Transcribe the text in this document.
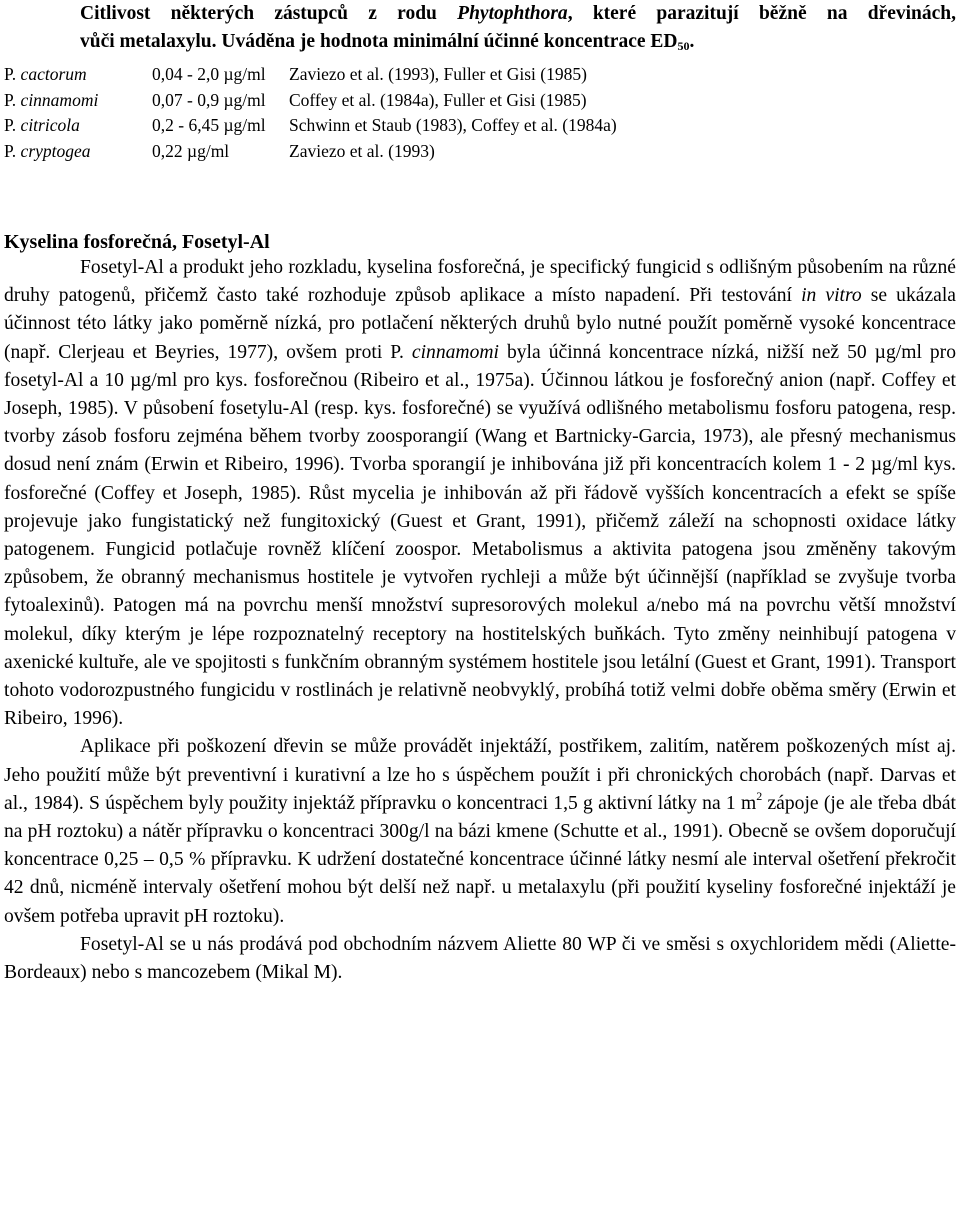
Citlivost některých zástupců z rodu Phytophthora, které parazitují běžně na dřevinách,
vůči metalaxylu. Uváděna je hodnota minimální účinné koncentrace $ED_{50}$.
P. cactorum	0,04 - 2,0 µg/ml Zaviezo et al. (1993), Fuller et Gisi (1985)
P. cinnamomi	0,07 - 0,9 µg/ml Coffey et al. (1984a), Fuller et Gisi (1985)
P. citricola	0,2 - 6,45 µg/ml Schwinn et Staub (1983), Coffey et al. (1984a)
P. cryptogea	0,22 µg/ml	Zaviezo et al. (1993)
Kyselina fosforečná, Fosetyl-Al

Fosetyl-Al a produkt jeho rozkladu, kyselina fosforečná, je specifický fungicid s odlišným působením na různé druhy patogenů, přičemž často také rozhoduje způsob aplikace a místo napadení. Při testování in vitro se ukázala účinnost této látky jako poměrně nízká, pro potlačení některých druhů bylo nutné použít poměrně vysoké koncentrace (např. Clerjeau et Beyries, 1977), ovšem proti P. cinnamomi byla účinná koncentrace nízká, nižší než 50 µg/ml pro fosetyl-Al a 10 µg/ml pro kys. fosforečnou (Ribeiro et al., 1975a). Účinnou látkou je fosforečný anion (např. Coffey et Joseph, 1985). V působení fosetylu-Al (resp. kys. fosforečné) se využívá odlišného metabolismu fosforu patogena, resp. tvorby zásob fosforu zejména během tvorby zoosporangií (Wang et Bartnicky-Garcia, 1973), ale přesný mechanismus dosud není znám (Erwin et Ribeiro, 1996). Tvorba sporangií je inhibována již při koncentracích kolem 1 - 2 µg/ml kys. fosforečné (Coffey et Joseph, 1985). Růst mycelia je inhibován až při řádově vyšších koncentracích a efekt se spíše projevuje jako fungistatický než fungitoxický (Guest et Grant, 1991), přičemž záleží na schopnosti oxidace látky patogenem. Fungicid potlačuje rovněž klíčení zoospor. Metabolismus a aktivita patogena jsou změněny takovým způsobem, že obranný mechanismus hostitele je vytvořen rychleji a může být účinnější (například se zvyšuje tvorba fytoalexinů). Patogen má na povrchu menší množství supresorových molekul a/nebo má na povrchu větší množství molekul, díky kterým je lépe rozpoznatelný receptory na hostitelských buňkách. Tyto změny neinhibují patogena v axenické kultuře, ale ve spojitosti s funkčním obranným systémem hostitele jsou letální (Guest et Grant, 1991). Transport tohoto vodorozpustného fungicidu v rostlinách je relativně neobvyklý, probíhá totiž velmi dobře oběma směry (Erwin et Ribeiro, 1996).

Aplikace při poškození dřevin se může provádět injektáží, postřikem, zalitím, natěrem poškozených míst aj. Jeho použití může být preventivní i kurativní a lze ho s úspěchem použít i při chronických chorobách (např. Darvas et al., 1984). S úspěchem byly použity injektáž přípravku o koncentraci 1,5 g aktivní látky na 1 $m^2$ zápoje (je ale třeba dbát na pH roztoku) a nátěr přípravku o koncentraci 300g/l na bázi kmene (Schutte et al., 1991). Obecně se ovšem doporučují koncentrace 0,25 – 0,5 % přípravku. K udržení dostatečné koncentrace účinné látky nesmí ale interval ošetření překročit 42 dnů, nicméně intervaly ošetření mohou být delší než např. u metalaxylu (při použití kyseliny fosforečné injektáží je ovšem potřeba upravit pH roztoku).

Fosetyl-Al se u nás prodává pod obchodním názvem Aliette 80 WP či ve směsi s oxychloridem mědi (Aliette-Bordeaux) nebo s mancozebem (Mikal M).
